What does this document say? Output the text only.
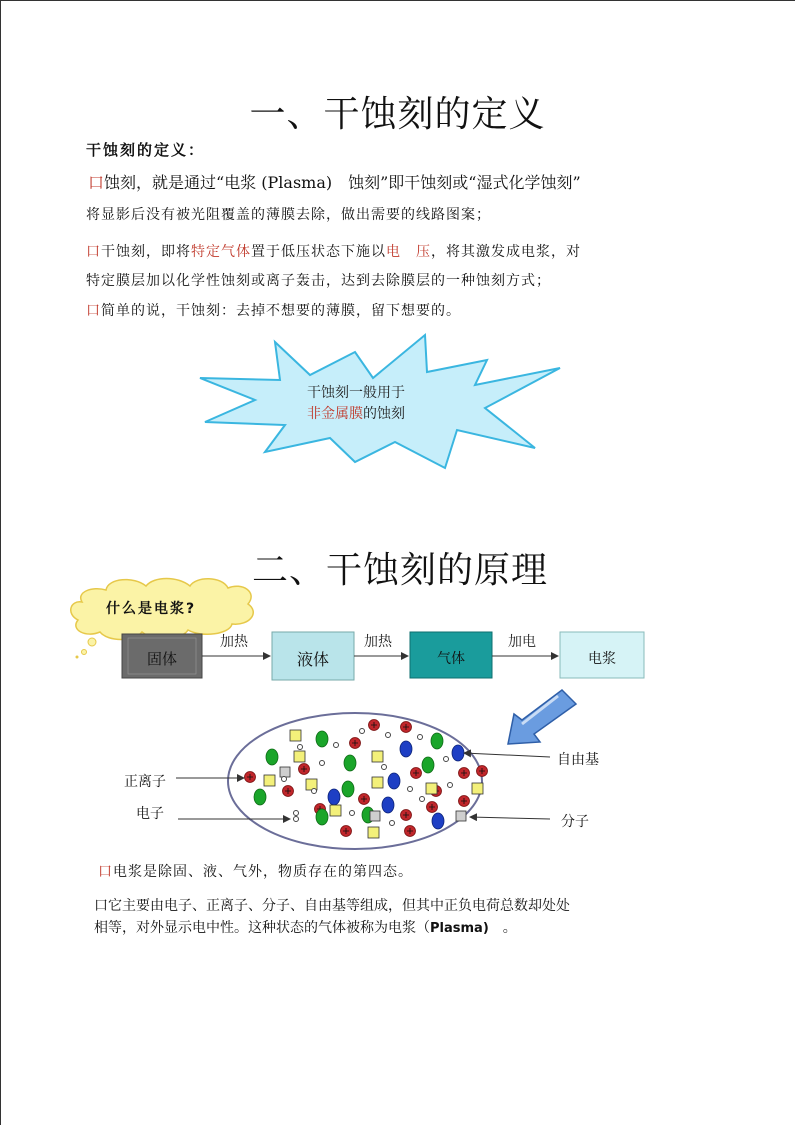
一、干蚀刻的定义
干蚀刻的定义：
口蚀刻，就是通过“电浆 (Plasma)　蚀刻”即干蚀刻或“湿式化学蚀刻”
将显影后没有被光阻覆盖的薄膜去除，做出需要的线路图案；
口干蚀刻，即将特定气体置于低压状态下施以电　压，将其激发成电浆，对
特定膜层加以化学性蚀刻或离子轰击，达到去除膜层的一种蚀刻方式；
口简单的说，干蚀刻：去掉不想要的薄膜，留下想要的。
干蚀刻一般用于
非金属膜的蚀刻
二、干蚀刻的原理
什么是电浆?
固体
加热
液体
加热
气体
加电
电浆
正离子
电子
自由基
分子
口电浆是除固、液、气外，物质存在的第四态。
口它主要由电子、正离子、分子、自由基等组成，但其中正负电荷总数却处处
相等，对外显示电中性。这种状态的气体被称为电浆（Plasma)　。
